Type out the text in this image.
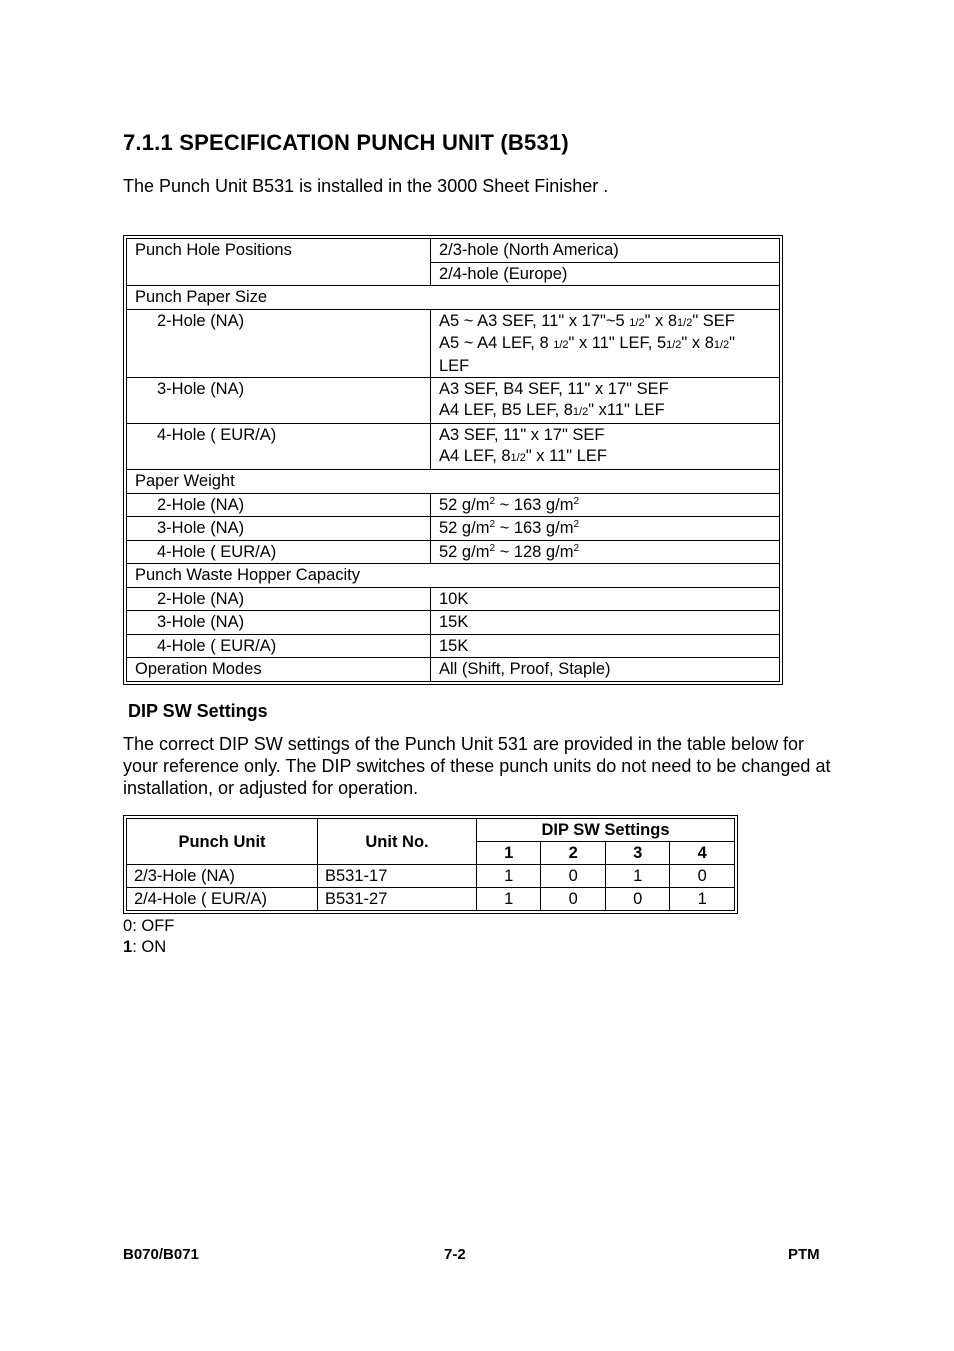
7.1.1 SPECIFICATION PUNCH UNIT (B531)
The Punch Unit B531 is installed in the 3000 Sheet Finisher .
Punch Hole Positions	2/3-hole (North America)
	2/4-hole (Europe)
Punch Paper Size	
2-Hole (NA)	A5 ~ A3 SEF, 11" x 17"~5 1/2" x 81/2" SEF
A5 ~ A4 LEF, 8 1/2" x 11" LEF, 51/2" x 81/2"
LEF

3-Hole (NA)	A3 SEF, B4 SEF, 11" x 17" SEF
A4 LEF, B5 LEF, 81/2" x11" LEF

4-Hole ( EUR/A)	A3 SEF, 11" x 17" SEF
A4 LEF, 81/2" x 11" LEF

Paper Weight	
2-Hole (NA)	52 $g/m^2$ ~ 163 $g/m^2$
3-Hole (NA)	52 $g/m^2$ ~ 163 $g/m^2$
4-Hole ( EUR/A)	52 $g/m^2$ ~ 128 $g/m^2$
Punch Waste Hopper Capacity	
2-Hole (NA)	10K
3-Hole (NA)	15K
4-Hole ( EUR/A)	15K
Operation Modes	All (Shift, Proof, Staple)
DIP SW Settings
The correct DIP SW settings of the Punch Unit 531 are provided in the table below for your reference only. The DIP switches of these punch units do not need to be changed at installation, or adjusted for operation.
Punch Unit	Unit No.	DIP SW Settings			
		1	2	3	4
2/3-Hole (NA)	B531-17	1	0	1	0
2/4-Hole ( EUR/A)	B531-27	1	0	0	1
0: OFF
1: ON
B070/B071	7-2	PTM
